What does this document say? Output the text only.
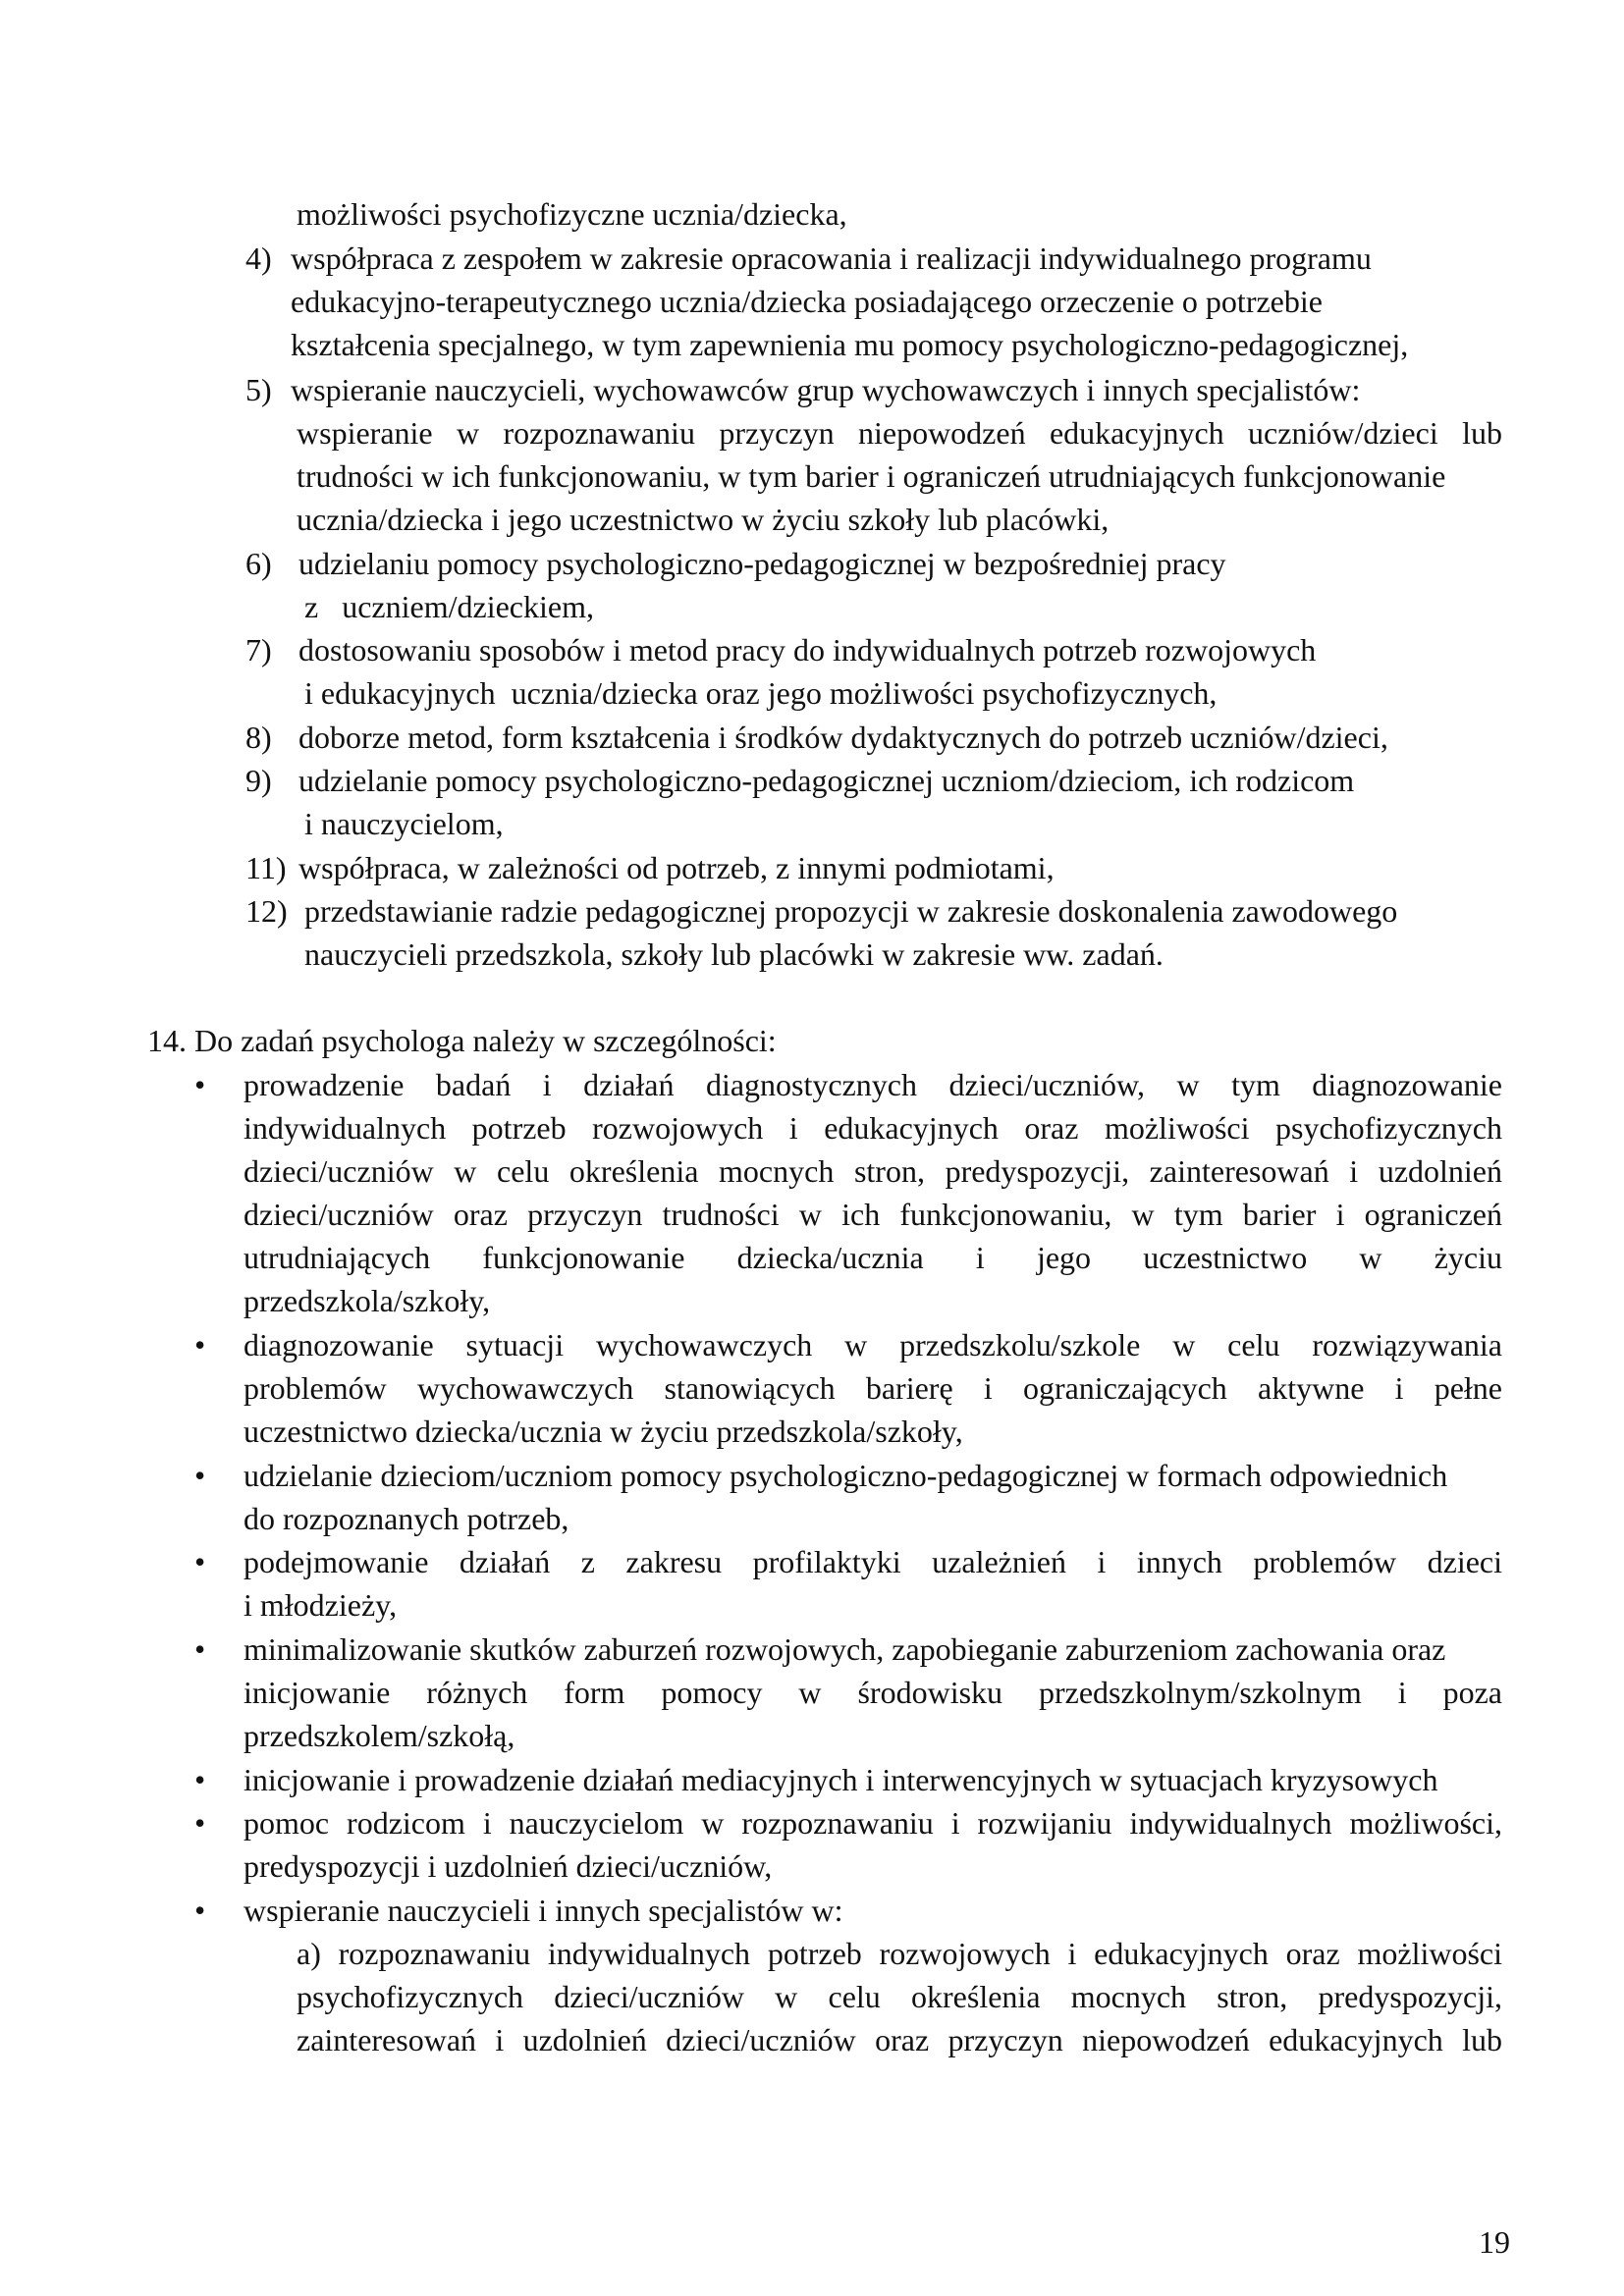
możliwości psychofizyczne ucznia/dziecka,
4) współpraca z zespołem w zakresie opracowania i realizacji indywidualnego programu
edukacyjno-terapeutycznego ucznia/dziecka posiadającego orzeczenie o potrzebie
kształcenia specjalnego, w tym zapewnienia mu pomocy psychologiczno-pedagogicznej,
5) wspieranie nauczycieli, wychowawców grup wychowawczych i innych specjalistów:
wspieranie w rozpoznawaniu przyczyn niepowodzeń edukacyjnych uczniów/dzieci lub
trudności w ich funkcjonowaniu, w tym barier i ograniczeń utrudniających funkcjonowanie
ucznia/dziecka i jego uczestnictwo w życiu szkoły lub placówki,
6) udzielaniu pomocy psychologiczno-pedagogicznej w bezpośredniej pracy
z   uczniem/dzieckiem,
7) dostosowaniu sposobów i metod pracy do indywidualnych potrzeb rozwojowych
i edukacyjnych  ucznia/dziecka oraz jego możliwości psychofizycznych,
8) doborze metod, form kształcenia i środków dydaktycznych do potrzeb uczniów/dzieci,
9) udzielanie pomocy psychologiczno-pedagogicznej uczniom/dzieciom, ich rodzicom
i nauczycielom,
11) współpraca, w zależności od potrzeb, z innymi podmiotami,
12) przedstawianie radzie pedagogicznej propozycji w zakresie doskonalenia zawodowego
nauczycieli przedszkola, szkoły lub placówki w zakresie ww. zadań.
14. Do zadań psychologa należy w szczególności:
• prowadzenie badań i działań diagnostycznych dzieci/uczniów, w tym diagnozowanie
indywidualnych potrzeb rozwojowych i edukacyjnych oraz możliwości psychofizycznych
dzieci/uczniów w celu określenia mocnych stron, predyspozycji, zainteresowań i uzdolnień
dzieci/uczniów oraz przyczyn trudności w ich funkcjonowaniu, w tym barier i ograniczeń
utrudniających funkcjonowanie dziecka/ucznia i jego uczestnictwo w życiu
przedszkola/szkoły,
• diagnozowanie sytuacji wychowawczych w przedszkolu/szkole w celu rozwiązywania
problemów wychowawczych stanowiących barierę i ograniczających aktywne i pełne
uczestnictwo dziecka/ucznia w życiu przedszkola/szkoły,
• udzielanie dzieciom/uczniom pomocy psychologiczno-pedagogicznej w formach odpowiednich
do rozpoznanych potrzeb,
• podejmowanie działań z zakresu profilaktyki uzależnień i innych problemów dzieci
i młodzieży,
• minimalizowanie skutków zaburzeń rozwojowych, zapobieganie zaburzeniom zachowania oraz
inicjowanie różnych form pomocy w środowisku przedszkolnym/szkolnym i poza
przedszkolem/szkołą,
• inicjowanie i prowadzenie działań mediacyjnych i interwencyjnych w sytuacjach kryzysowych
• pomoc rodzicom i nauczycielom w rozpoznawaniu i rozwijaniu indywidualnych możliwości,
predyspozycji i uzdolnień dzieci/uczniów,
• wspieranie nauczycieli i innych specjalistów w:
a) rozpoznawaniu indywidualnych potrzeb rozwojowych i edukacyjnych oraz możliwości
psychofizycznych dzieci/uczniów w celu określenia mocnych stron, predyspozycji,
zainteresowań i uzdolnień dzieci/uczniów oraz przyczyn niepowodzeń edukacyjnych lub
19
